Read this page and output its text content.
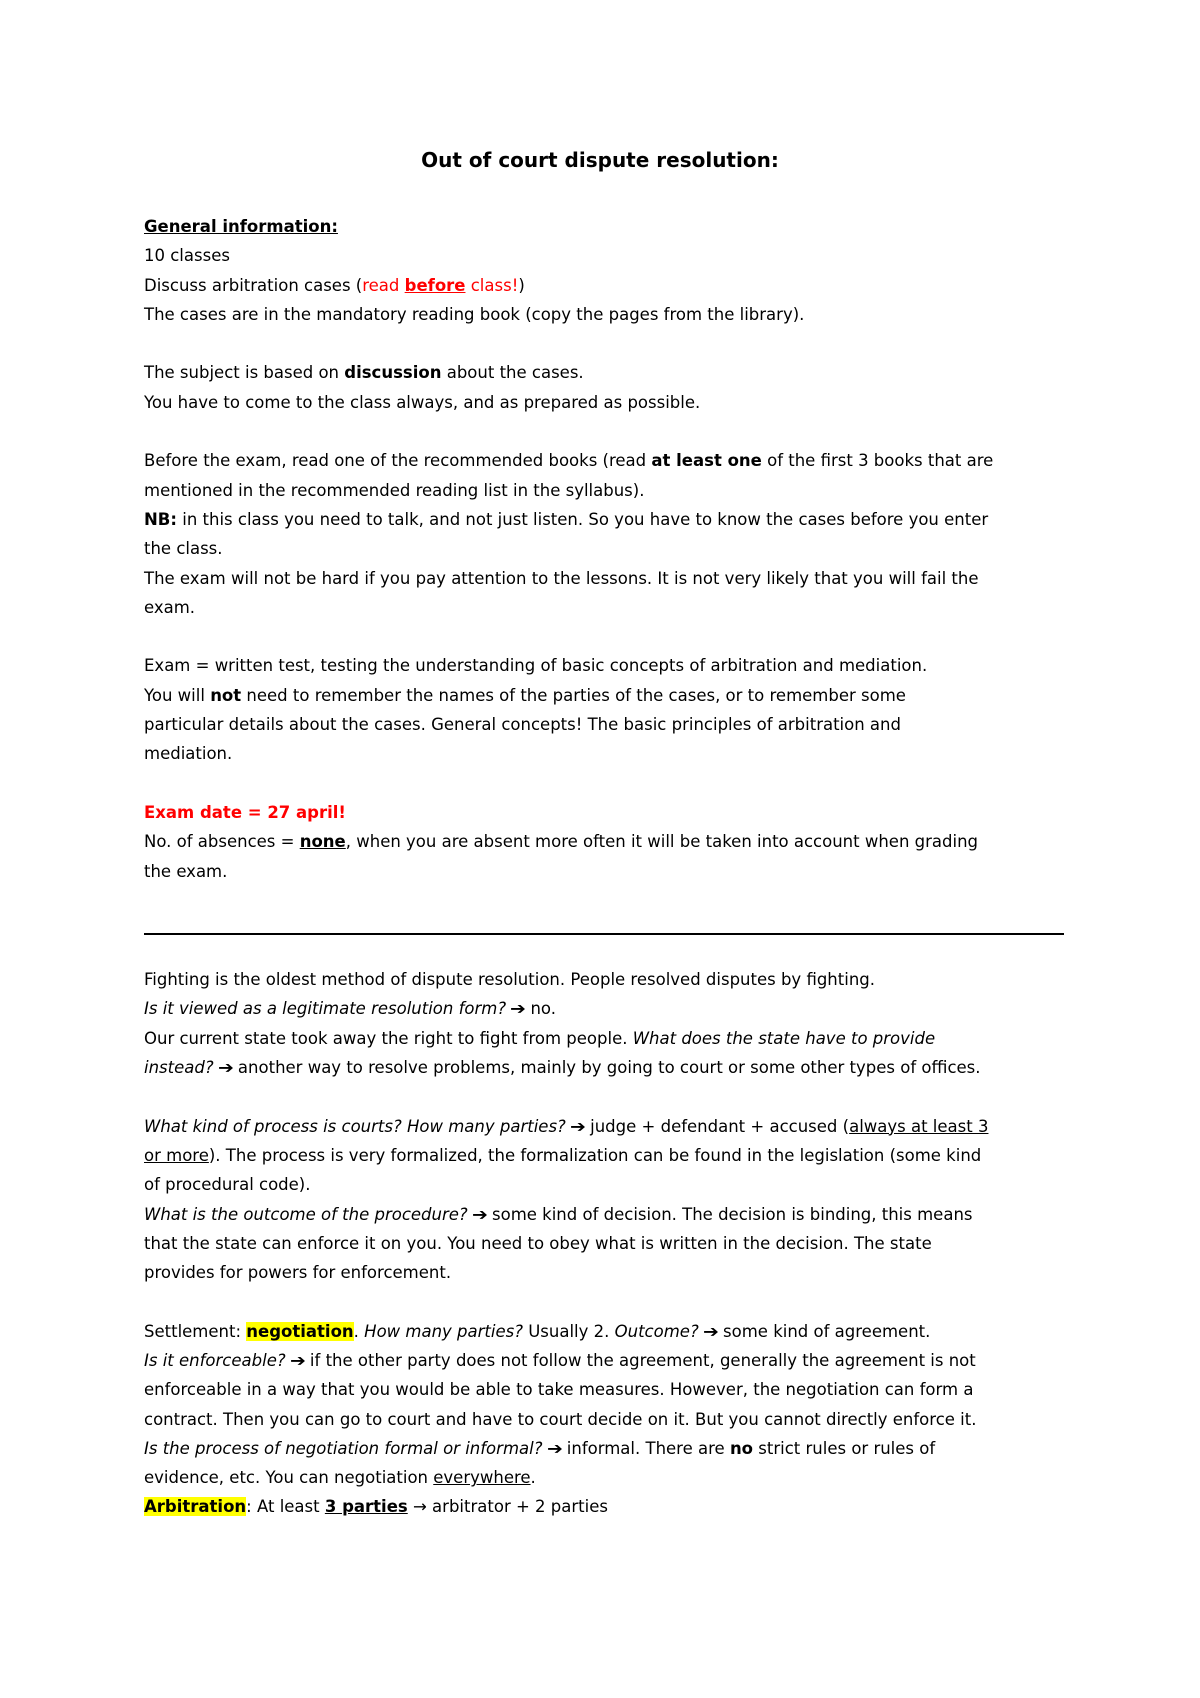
Out of court dispute resolution:

General information:

10 classes

Discuss arbitration cases (read before class!)

The cases are in the mandatory reading book (copy the pages from the library).

The subject is based on discussion about the cases.

You have to come to the class always, and as prepared as possible.

Before the exam, read one of the recommended books (read at least one of the first 3 books that are

mentioned in the recommended reading list in the syllabus).

NB: in this class you need to talk, and not just listen. So you have to know the cases before you enter

the class.

The exam will not be hard if you pay attention to the lessons. It is not very likely that you will fail the

exam.

Exam = written test, testing the understanding of basic concepts of arbitration and mediation.

You will not need to remember the names of the parties of the cases, or to remember some

particular details about the cases. General concepts! The basic principles of arbitration and

mediation.

Exam date = 27 april!

No. of absences = none, when you are absent more often it will be taken into account when grading

the exam.

Fighting is the oldest method of dispute resolution. People resolved disputes by fighting.

Is it viewed as a legitimate resolution form? ➔ no.

Our current state took away the right to fight from people. What does the state have to provide

instead? ➔ another way to resolve problems, mainly by going to court or some other types of offices.

What kind of process is courts? How many parties? ➔ judge + defendant + accused (always at least 3

or more). The process is very formalized, the formalization can be found in the legislation (some kind

of procedural code).

What is the outcome of the procedure? ➔ some kind of decision. The decision is binding, this means

that the state can enforce it on you. You need to obey what is written in the decision. The state

provides for powers for enforcement.

Settlement: negotiation. How many parties? Usually 2. Outcome? ➔ some kind of agreement.

Is it enforceable? ➔ if the other party does not follow the agreement, generally the agreement is not

enforceable in a way that you would be able to take measures. However, the negotiation can form a

contract. Then you can go to court and have to court decide on it. But you cannot directly enforce it.

Is the process of negotiation formal or informal? ➔ informal. There are no strict rules or rules of

evidence, etc. You can negotiation everywhere.

Arbitration: At least 3 parties → arbitrator + 2 parties
